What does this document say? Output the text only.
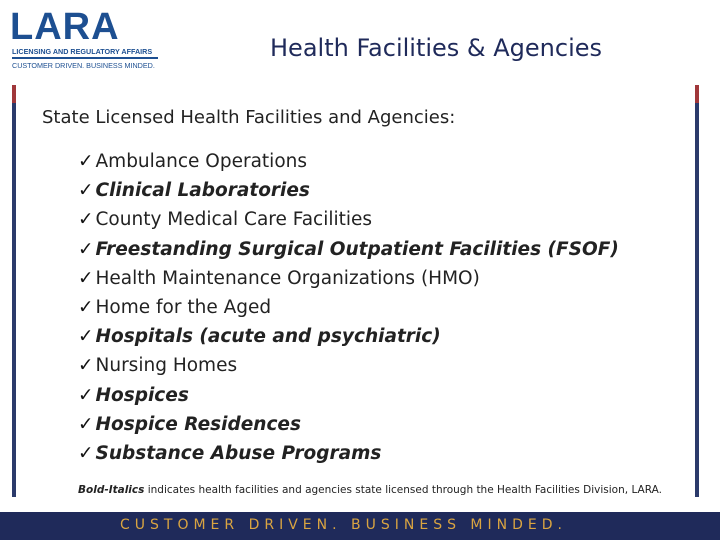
LARA
LICENSING AND REGULATORY AFFAIRS
CUSTOMER DRIVEN. BUSINESS MINDED.
Health Facilities & Agencies
State Licensed Health Facilities and Agencies:
✓ Ambulance Operations
✓ Clinical Laboratories
✓ County Medical Care Facilities
✓ Freestanding Surgical Outpatient Facilities (FSOF)
✓ Health Maintenance Organizations (HMO)
✓ Home for the Aged
✓ Hospitals (acute and psychiatric)
✓ Nursing Homes
✓ Hospices
✓ Hospice Residences
✓ Substance Abuse Programs
Bold-Italics indicates health facilities and agencies state licensed through the Health Facilities Division, LARA.
CUSTOMER DRIVEN. BUSINESS MINDED.
